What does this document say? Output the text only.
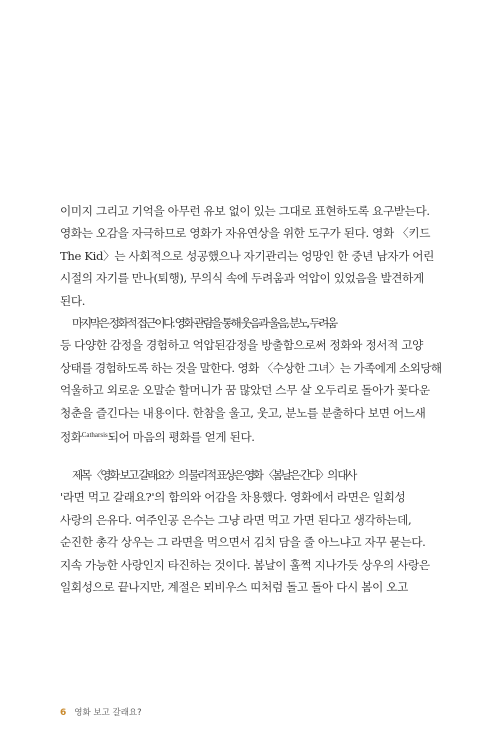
이미지 그리고 기억을 아무런 유보 없이 있는 그대로 표현하도록 요구받는다.
영화는 오감을 자극하므로 영화가 자유연상을 위한 도구가 된다. 영화 〈키드
The Kid〉는 사회적으로 성공했으나 자기관리는 엉망인 한 중년 남자가 어린
시절의 자기를 만나(퇴행), 무의식 속에 두려움과 억압이 있었음을 발견하게
된다.
마지막은 정화적 접근이다. 영화 관람을 통해 웃음과 울음, 분노, 두려움
등 다양한 감정을 경험하고 억압된감정을 방출함으로써 정화와 정서적 고양
상태를 경험하도록 하는 것을 말한다. 영화 〈수상한 그녀〉는 가족에게 소외당해
억울하고 외로운 오말순 할머니가 꿈 많았던 스무 살 오두리로 돌아가 꽃다운
청춘을 즐긴다는 내용이다. 한참을 울고, 웃고, 분노를 분출하다 보면 어느새
정화$^{Catharsis}$되어 마음의 평화를 얻게 된다.
제목 〈영화 보고 갈래요?〉의 물리적 표상은 영화 〈봄날은 간다〉의 대사
'라면 먹고 갈래요?'의 함의와 어감을 차용했다. 영화에서 라면은 일회성
사랑의 은유다. 여주인공 은수는 그냥 라면 먹고 가면 된다고 생각하는데,
순진한 총각 상우는 그 라면을 먹으면서 김치 담을 줄 아느냐고 자꾸 묻는다.
지속 가능한 사랑인지 타진하는 것이다. 봄날이 훌쩍 지나가듯 상우의 사랑은
일회성으로 끝나지만, 계절은 뫼비우스 띠처럼 돌고 돌아 다시 봄이 오고
6 영화 보고 갈래요?
